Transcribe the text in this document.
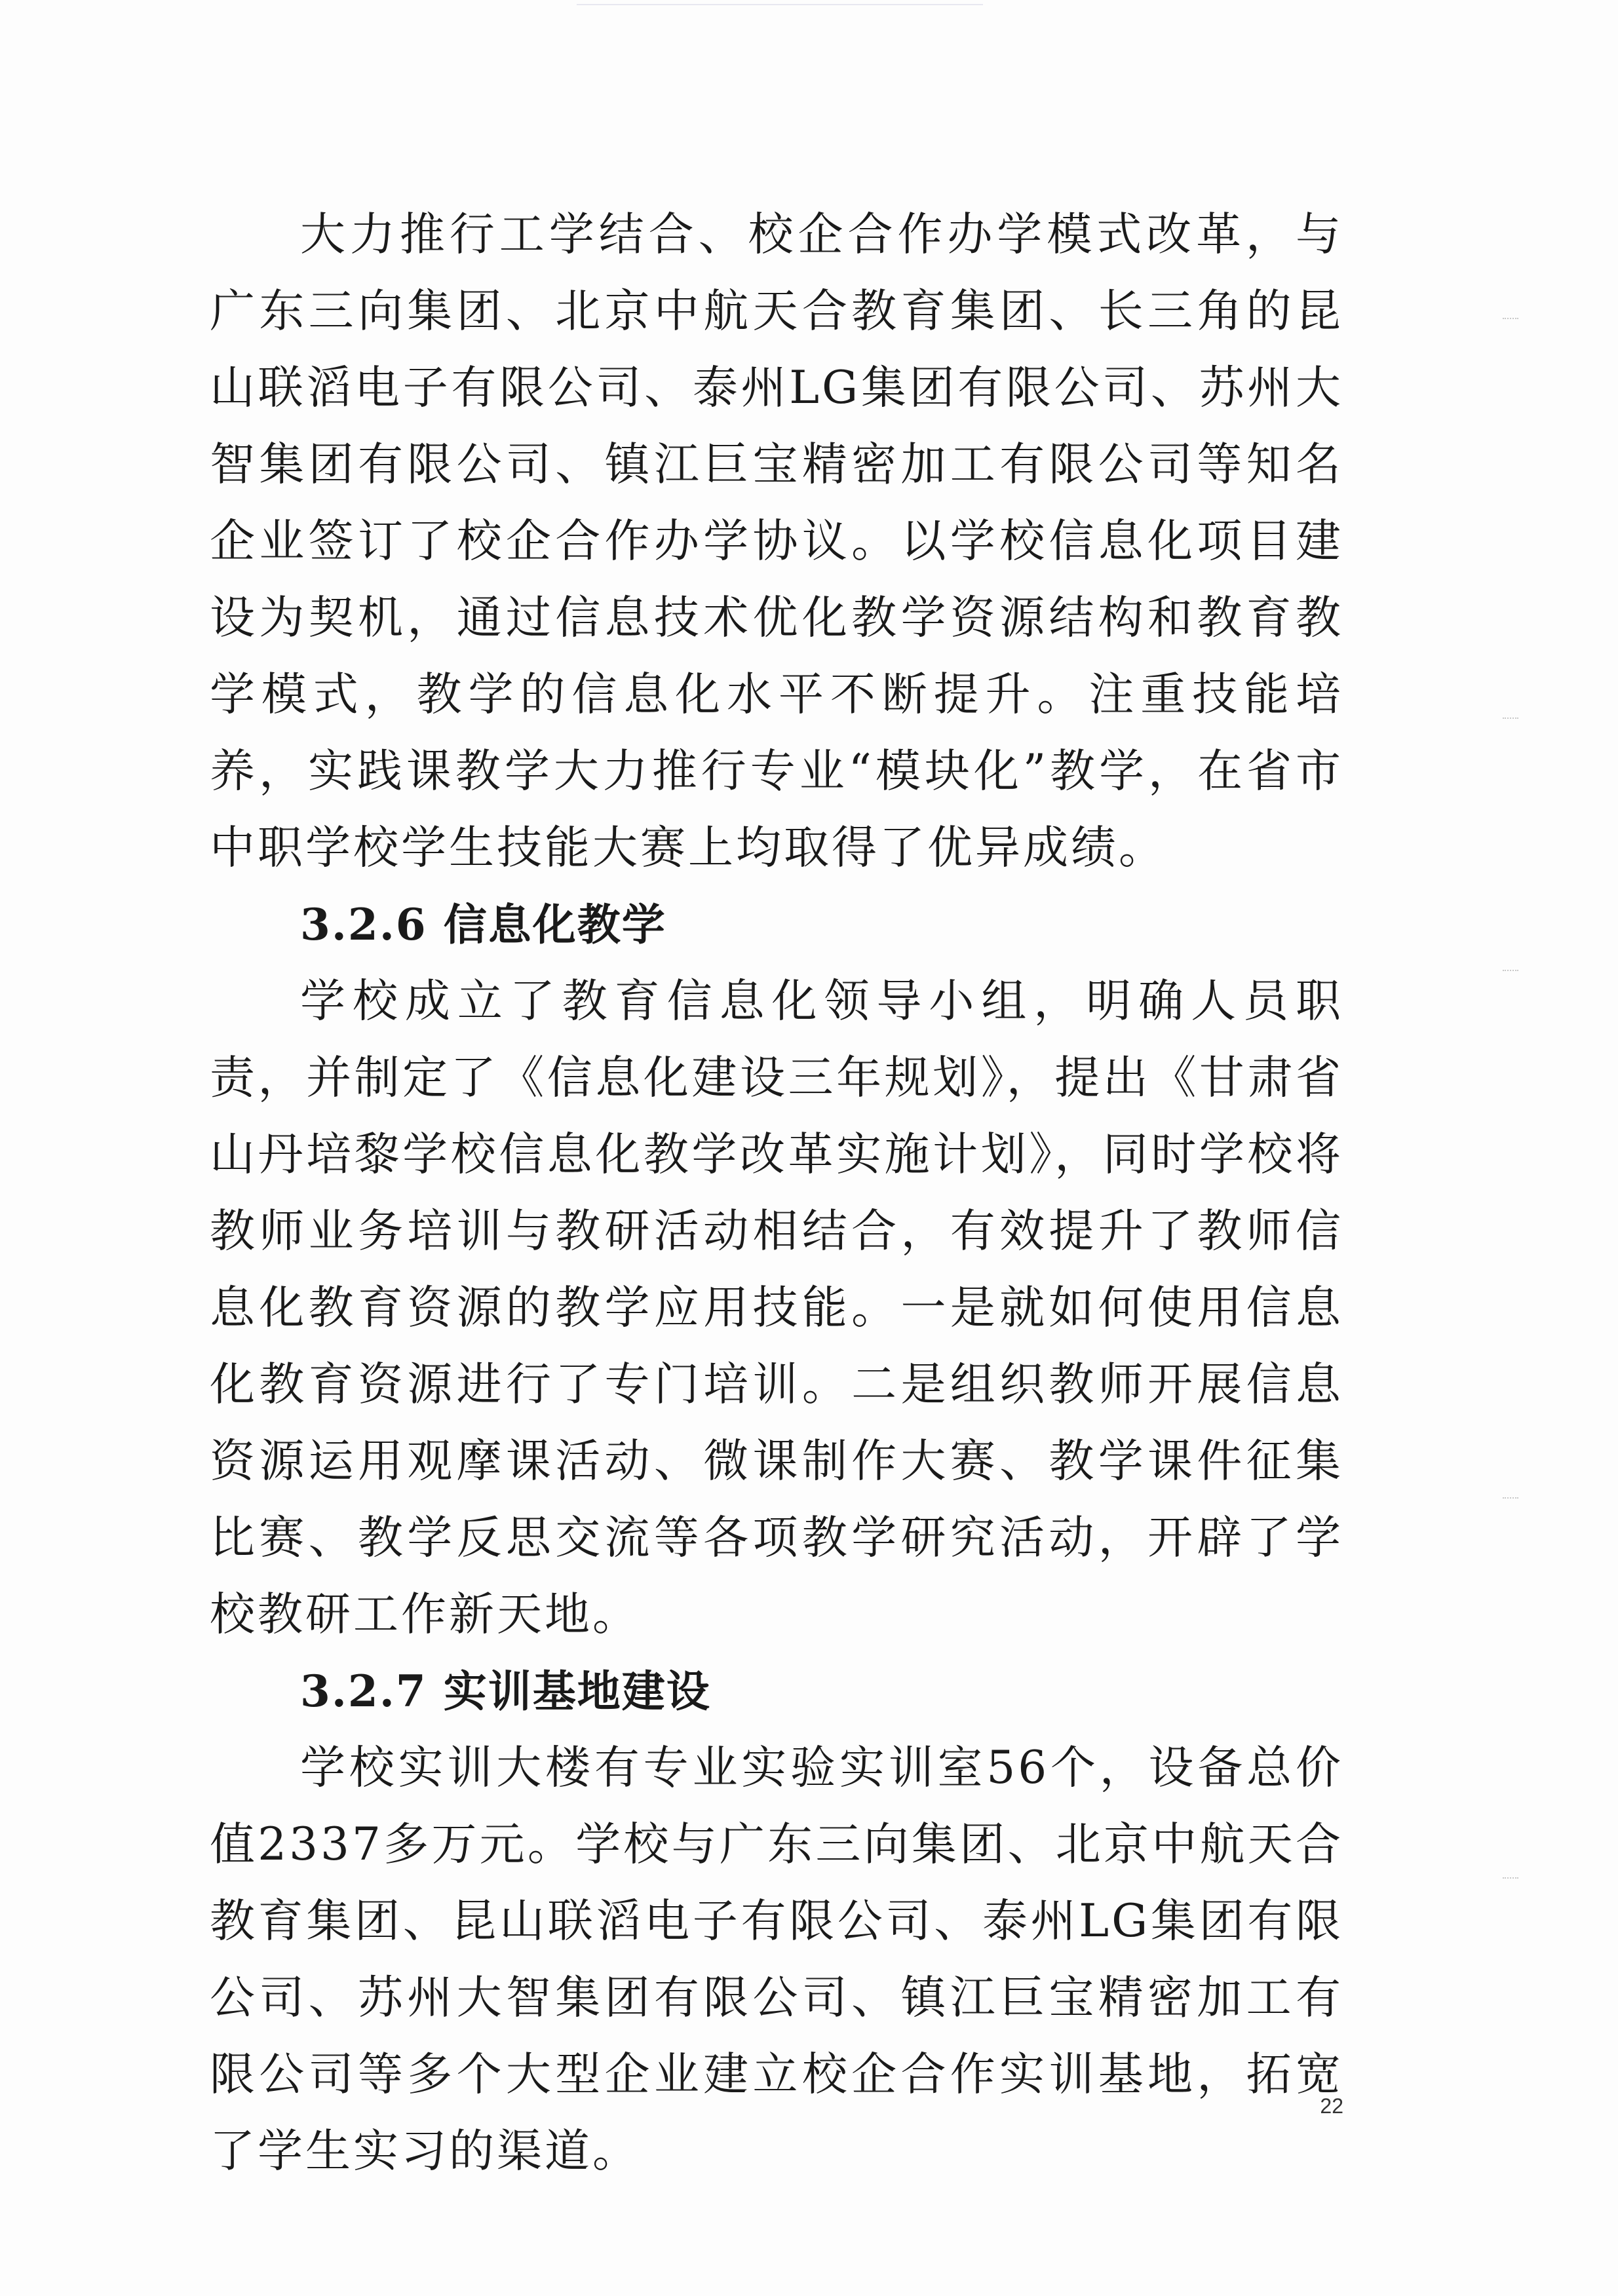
大力推行工学结合、校企合作办学模式改革，与广东三向集团、北京中航天合教育集团、长三角的昆山联滔电子有限公司、泰州LG集团有限公司、苏州大智集团有限公司、镇江巨宝精密加工有限公司等知名企业签订了校企合作办学协议。以学校信息化项目建设为契机，通过信息技术优化教学资源结构和教育教学模式，教学的信息化水平不断提升。注重技能培养，实践课教学大力推行专业“模块化”教学，在省市中职学校学生技能大赛上均取得了优异成绩。

3.2.6 信息化教学

学校成立了教育信息化领导小组，明确人员职责，并制定了《信息化建设三年规划》，提出《甘肃省山丹培黎学校信息化教学改革实施计划》，同时学校将教师业务培训与教研活动相结合，有效提升了教师信息化教育资源的教学应用技能。一是就如何使用信息化教育资源进行了专门培训。二是组织教师开展信息资源运用观摩课活动、微课制作大赛、教学课件征集比赛、教学反思交流等各项教学研究活动，开辟了学校教研工作新天地。

3.2.7 实训基地建设

学校实训大楼有专业实验实训室56个，设备总价值2337多万元。学校与广东三向集团、北京中航天合教育集团、昆山联滔电子有限公司、泰州LG集团有限公司、苏州大智集团有限公司、镇江巨宝精密加工有限公司等多个大型企业建立校企合作实训基地，拓宽了学生实习的渠道。

22
